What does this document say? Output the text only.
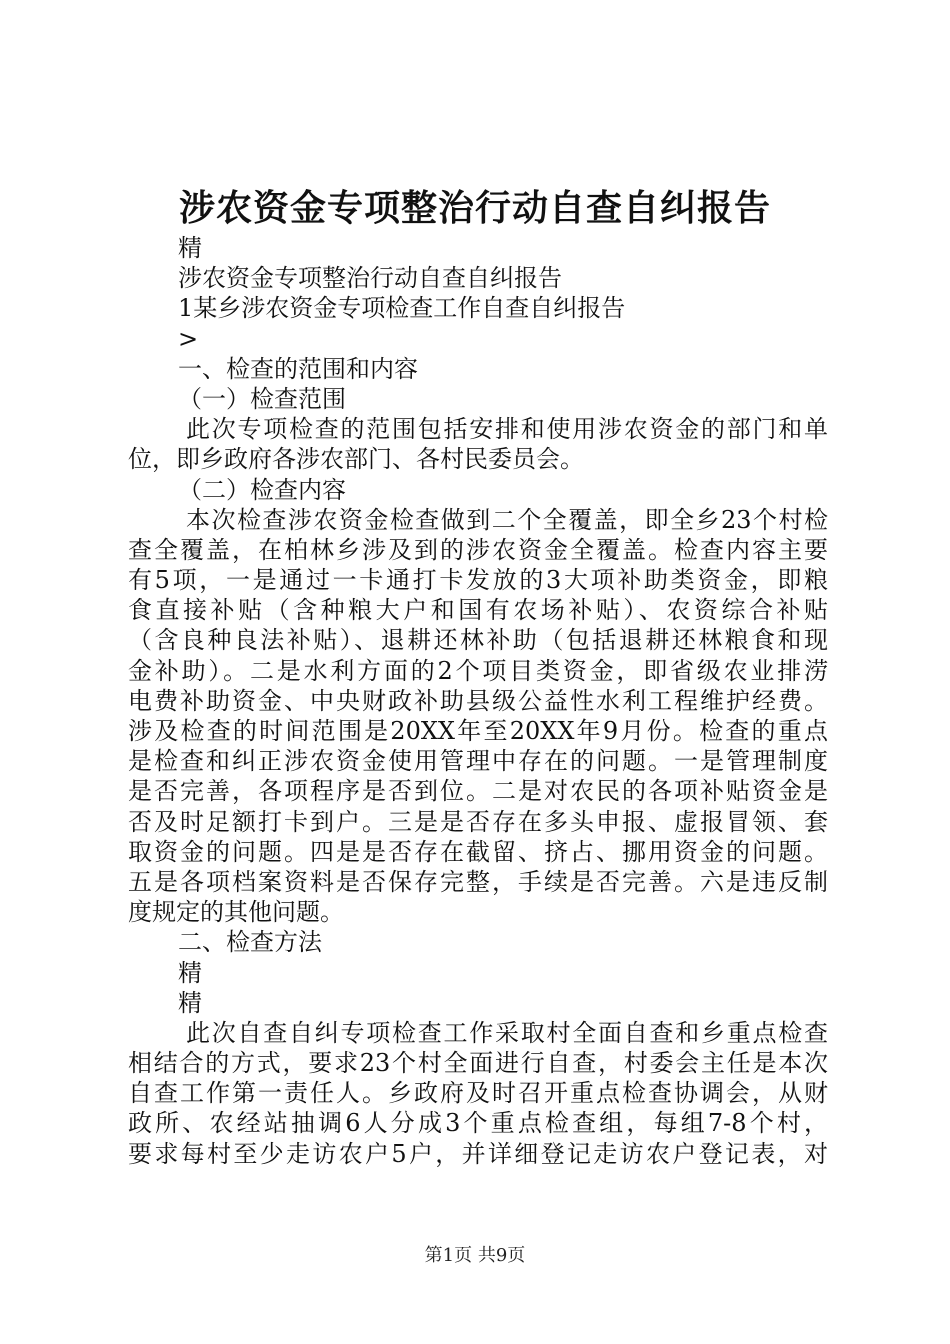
涉农资金专项整治行动自查自纠报告
精
涉农资金专项整治行动自查自纠报告
1某乡涉农资金专项检查工作自查自纠报告
>
一、检查的范围和内容
（一）检查范围
此次专项检查的范围包括安排和使用涉农资金的部门和单
位，即乡政府各涉农部门、各村民委员会。
（二）检查内容
本次检查涉农资金检查做到二个全覆盖，即全乡23个村检
查全覆盖，在柏林乡涉及到的涉农资金全覆盖。检查内容主要
有5项，一是通过一卡通打卡发放的3大项补助类资金，即粮
食直接补贴（含种粮大户和国有农场补贴）、农资综合补贴
（含良种良法补贴）、退耕还林补助（包括退耕还林粮食和现
金补助）。二是水利方面的2个项目类资金，即省级农业排涝
电费补助资金、中央财政补助县级公益性水利工程维护经费。
涉及检查的时间范围是20XX年至20XX年9月份。检查的重点
是检查和纠正涉农资金使用管理中存在的问题。一是管理制度
是否完善，各项程序是否到位。二是对农民的各项补贴资金是
否及时足额打卡到户。三是是否存在多头申报、虚报冒领、套
取资金的问题。四是是否存在截留、挤占、挪用资金的问题。
五是各项档案资料是否保存完整，手续是否完善。六是违反制
度规定的其他问题。
二、检查方法
精
精
此次自查自纠专项检查工作采取村全面自查和乡重点检查
相结合的方式，要求23个村全面进行自查，村委会主任是本次
自查工作第一责任人。乡政府及时召开重点检查协调会，从财
政所、农经站抽调6人分成3个重点检查组，每组7-8个村，
要求每村至少走访农户5户，并详细登记走访农户登记表，对
第1页 共9页
